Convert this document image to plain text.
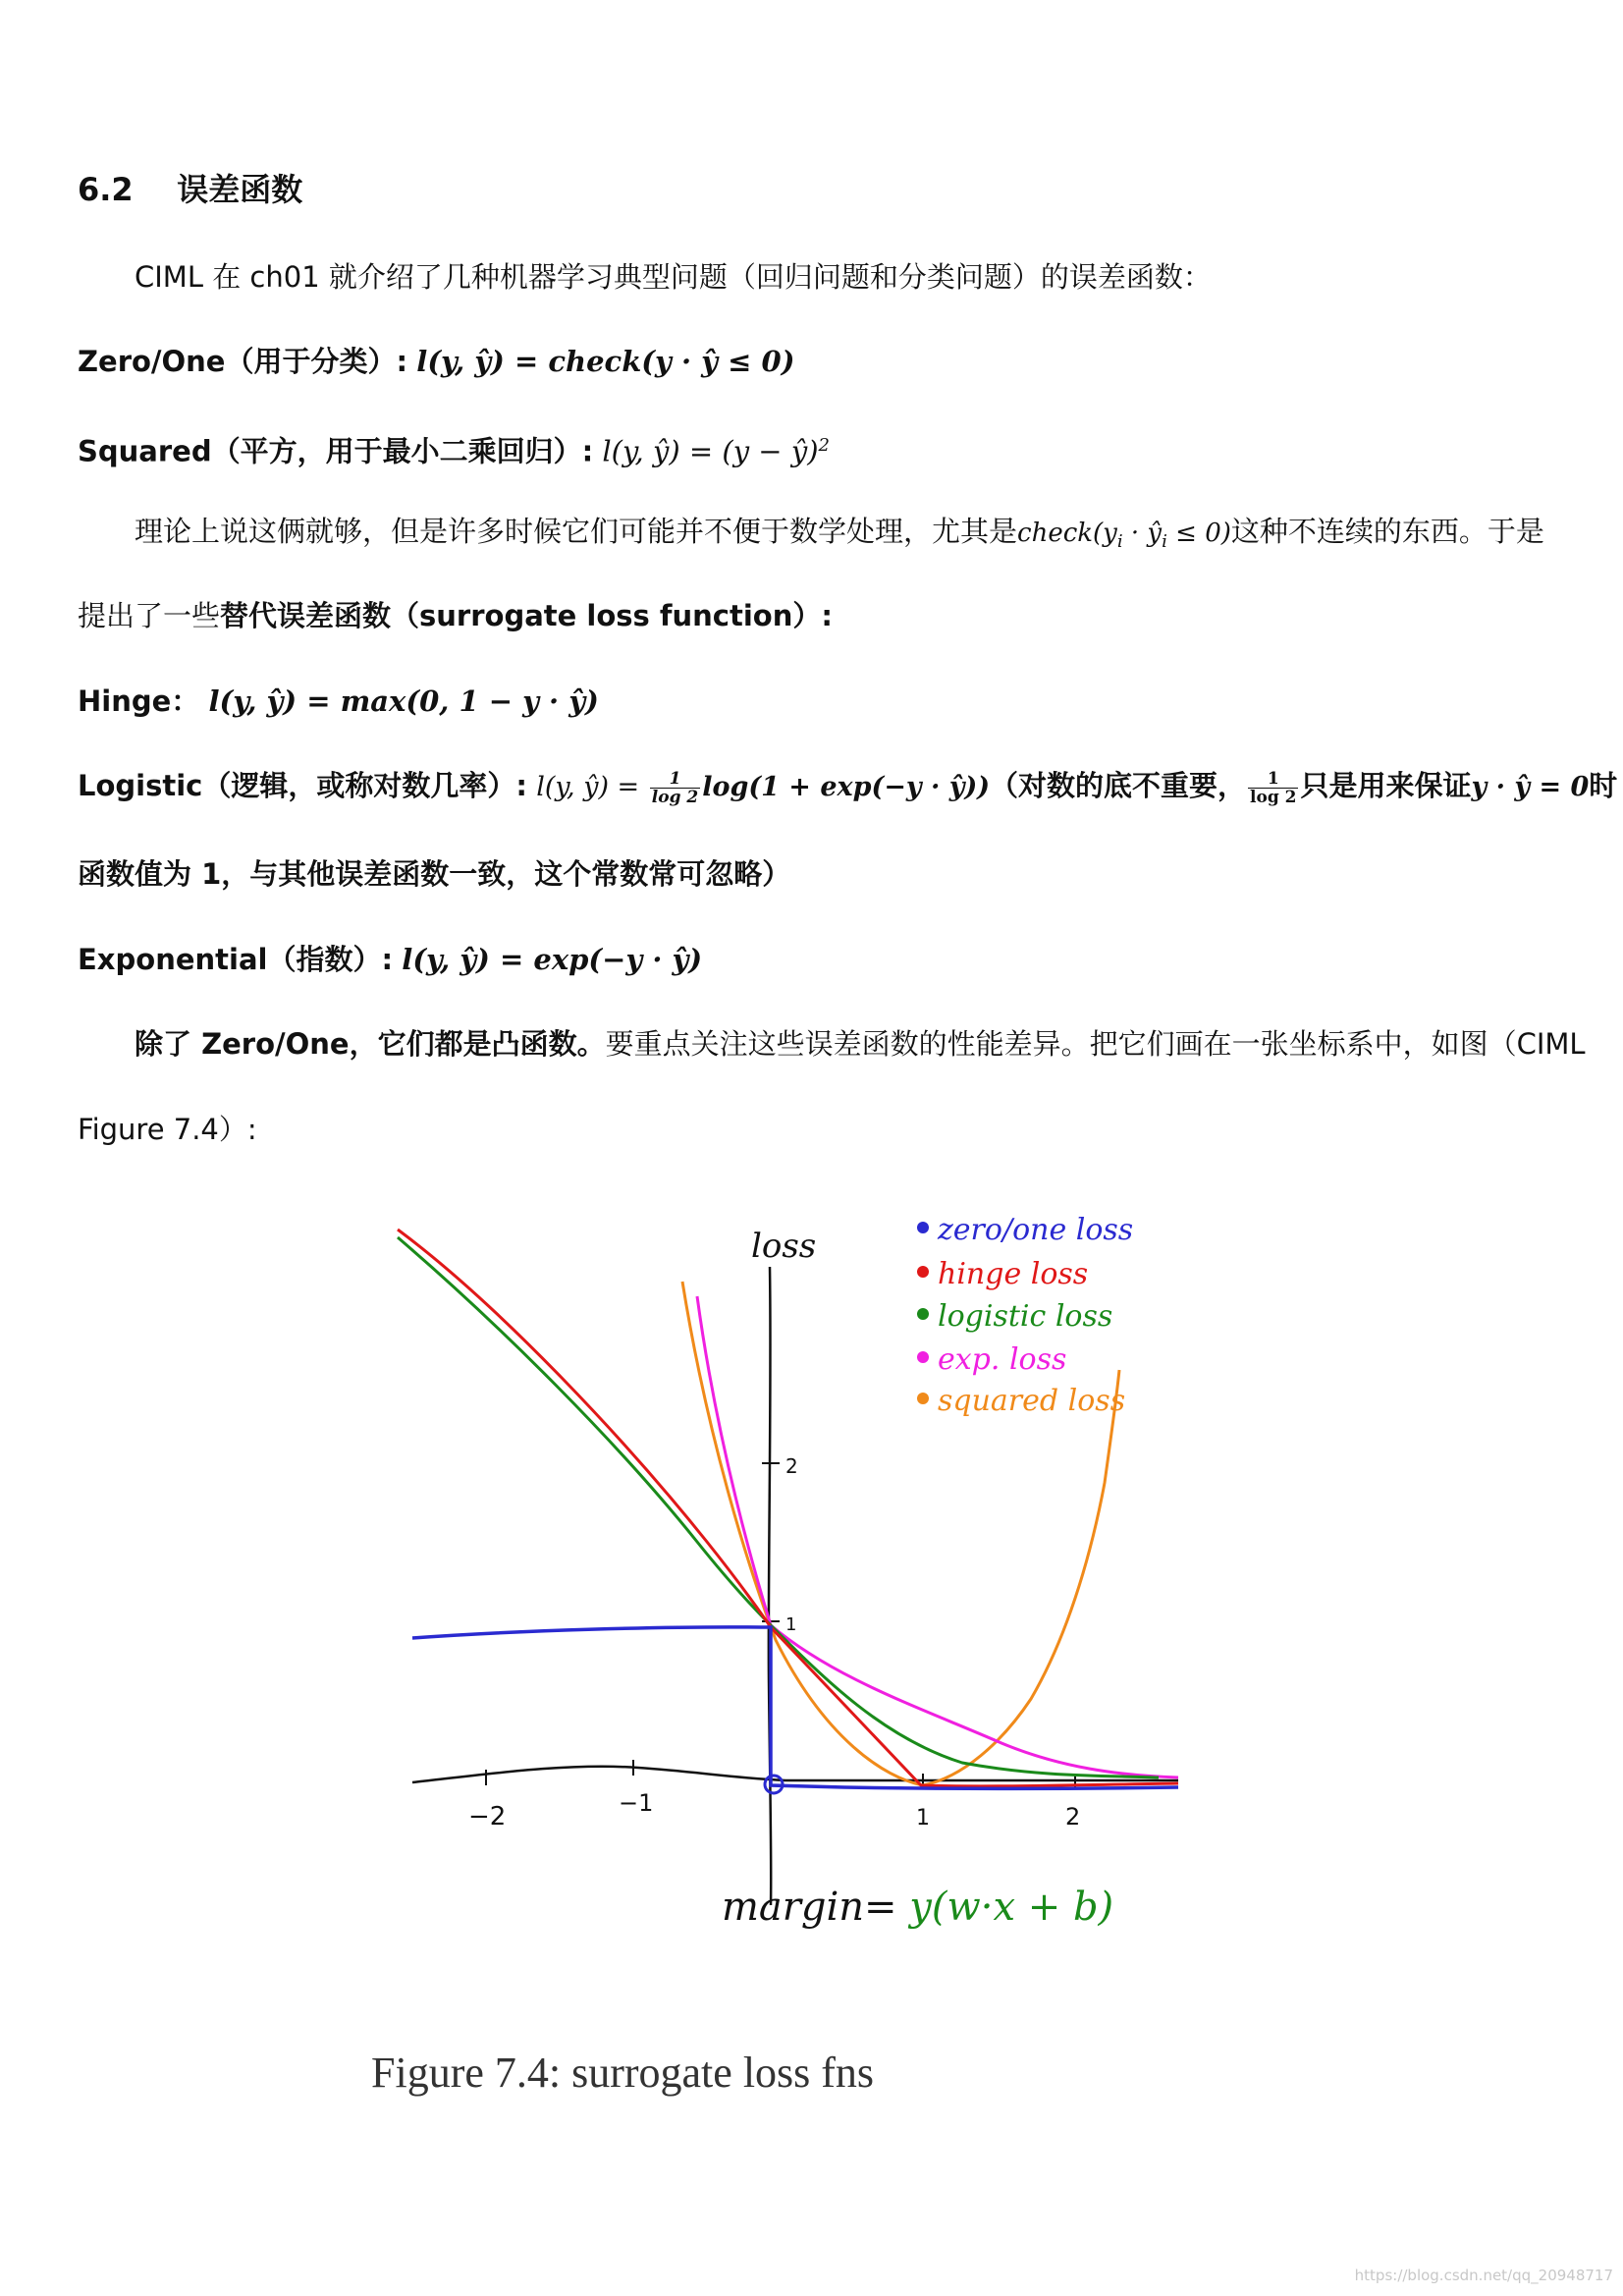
6.2 误差函数
CIML 在 ch01 就介绍了几种机器学习典型问题（回归问题和分类问题）的误差函数：
Zero/One（用于分类）: l(y, ŷ) = check(y · ŷ ≤ 0)
Squared（平方，用于最小二乘回归）: l(y, ŷ) = (y − ŷ)$^2$
理论上说这俩就够，但是许多时候它们可能并不便于数学处理，尤其是$check(y_i$ · $ŷ_i \le 0$)这种不连续的东西。于是
提出了一些替代误差函数（surrogate loss function）:
Hinge： l(y, ŷ) = max(0, 1 − y · ŷ)
Logistic（逻辑，或称对数几率）: l(y, ŷ) = $\frac{1}{\log 2} \log(1 + \exp(-y$ · ŷ))（对数的底不重要， $\frac{1}{\log 2}$ 只是用来保证y · ŷ = 0时
函数值为 1，与其他误差函数一致，这个常数常可忽略）
Exponential（指数）: l(y, ŷ) = exp(−y · ŷ)
除了 Zero/One，它们都是凸函数。要重点关注这些误差函数的性能差异。把它们画在一张坐标系中，如图（CIML
Figure 7.4）:
loss
1
2
−2	−1
1	2
zero/one loss
hinge loss
logistic loss
exp. loss
squared loss
margin= y(w·x + b)
Figure 7.4: surrogate loss fns
https://blog.csdn.net/qq_20948717
